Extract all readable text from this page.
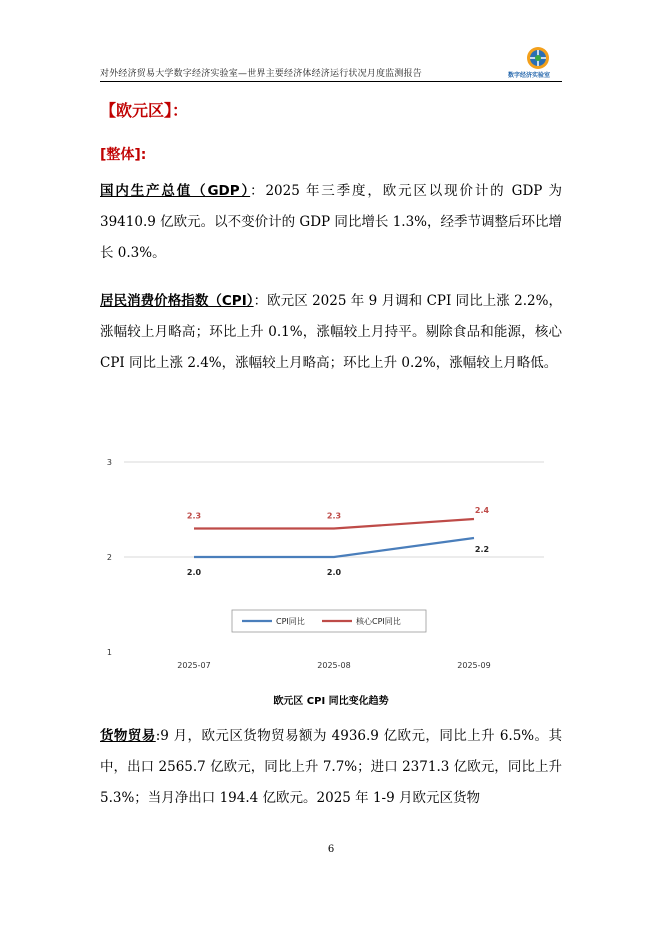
对外经济贸易大学数字经济实验室—世界主要经济体经济运行状况月度监测报告	数字经济实验室
【欧元区】：
[整体]:
国内生产总值（GDP）：2025 年三季度，欧元区以现价计的 GDP 为 39410.9 亿欧元。以不变价计的 GDP 同比增长 1.3%，经季节调整后环比增长 0.3%。
居民消费价格指数（CPI）：欧元区 2025 年 9 月调和 CPI 同比上涨 2.2%，涨幅较上月略高；环比上升 0.1%，涨幅较上月持平。剔除食品和能源，核心 CPI 同比上涨 2.4%，涨幅较上月略高；环比上升 0.2%，涨幅较上月略低。
1
2
3
2025-07	2025-08	2025-09
2.0	2.0
2.2
2.3	2.3
2.4
CPI同比	核心CPI同比
欧元区 CPI 同比变化趋势
货物贸易:9 月，欧元区货物贸易额为 4936.9 亿欧元，同比上升 6.5%。其中，出口 2565.7 亿欧元，同比上升 7.7%；进口 2371.3 亿欧元，同比上升 5.3%；当月净出口 194.4 亿欧元。2025 年 1-9 月欧元区货物
6
